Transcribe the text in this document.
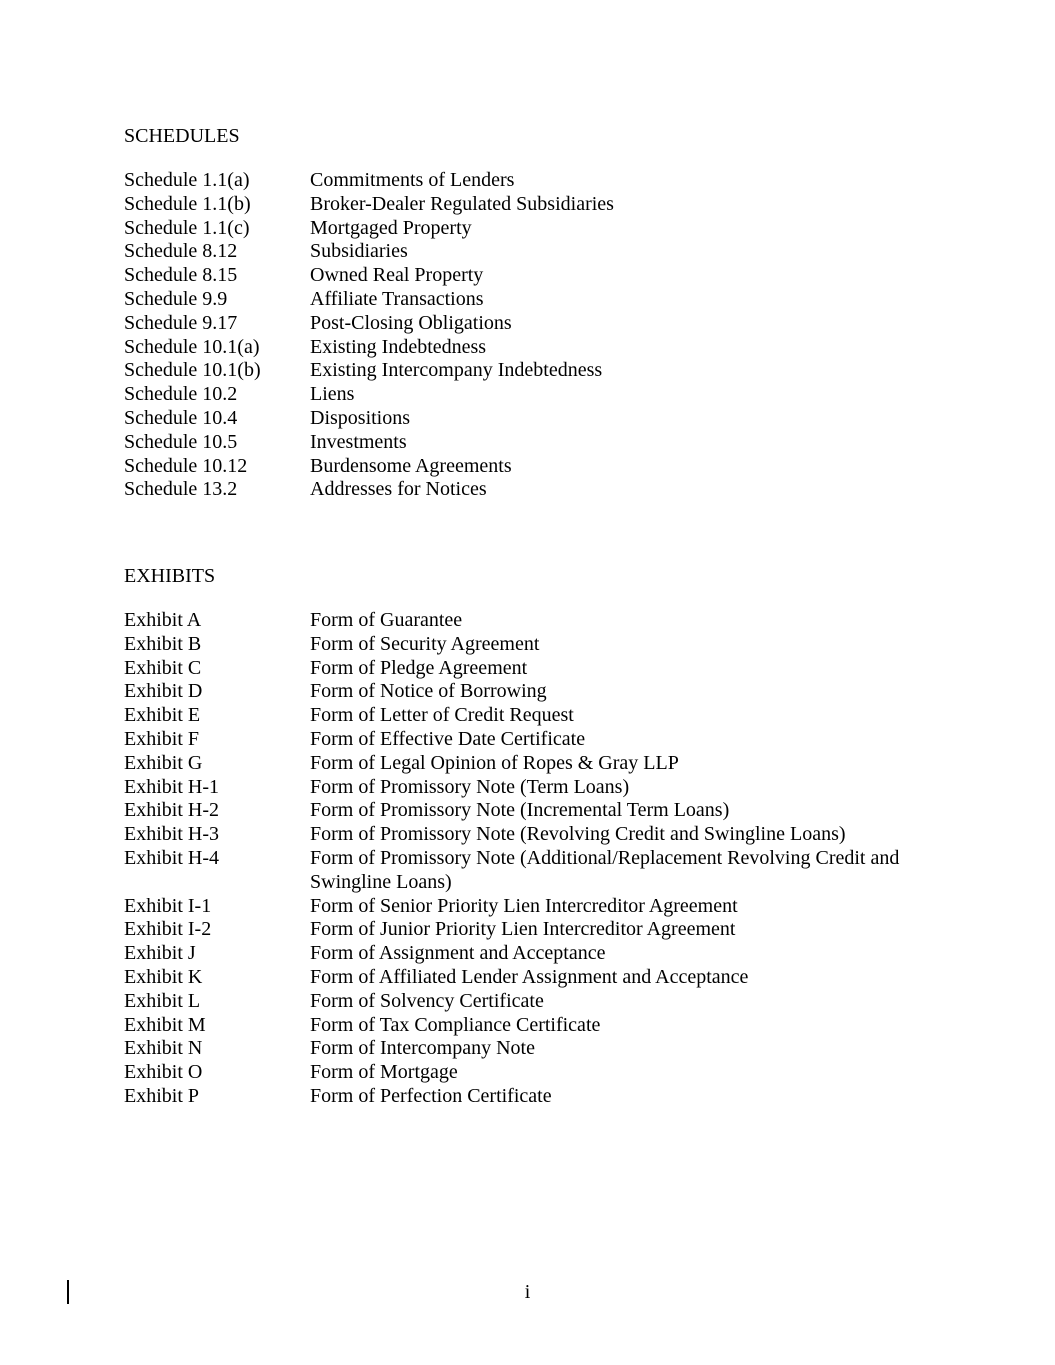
SCHEDULES
Schedule 1.1(a)	Commitments of Lenders
Schedule 1.1(b)	Broker-Dealer Regulated Subsidiaries
Schedule 1.1(c)	Mortgaged Property
Schedule 8.12	Subsidiaries
Schedule 8.15	Owned Real Property
Schedule 9.9	Affiliate Transactions
Schedule 9.17	Post-Closing Obligations
Schedule 10.1(a)	Existing Indebtedness
Schedule 10.1(b)	Existing Intercompany Indebtedness
Schedule 10.2	Liens
Schedule 10.4	Dispositions
Schedule 10.5	Investments
Schedule 10.12	Burdensome Agreements
Schedule 13.2	Addresses for Notices
EXHIBITS
Exhibit A	Form of Guarantee
Exhibit B	Form of Security Agreement
Exhibit C	Form of Pledge Agreement
Exhibit D	Form of Notice of Borrowing
Exhibit E	Form of Letter of Credit Request
Exhibit F	Form of Effective Date Certificate
Exhibit G	Form of Legal Opinion of Ropes & Gray LLP
Exhibit H-1	Form of Promissory Note (Term Loans)
Exhibit H-2	Form of Promissory Note (Incremental Term Loans)
Exhibit H-3	Form of Promissory Note (Revolving Credit and Swingline Loans)
Exhibit H-4	Form of Promissory Note (Additional/Replacement Revolving Credit and Swingline Loans)
Exhibit I-1	Form of Senior Priority Lien Intercreditor Agreement
Exhibit I-2	Form of Junior Priority Lien Intercreditor Agreement
Exhibit J	Form of Assignment and Acceptance
Exhibit K	Form of Affiliated Lender Assignment and Acceptance
Exhibit L	Form of Solvency Certificate
Exhibit M	Form of Tax Compliance Certificate
Exhibit N	Form of Intercompany Note
Exhibit O	Form of Mortgage
Exhibit P	Form of Perfection Certificate
i
